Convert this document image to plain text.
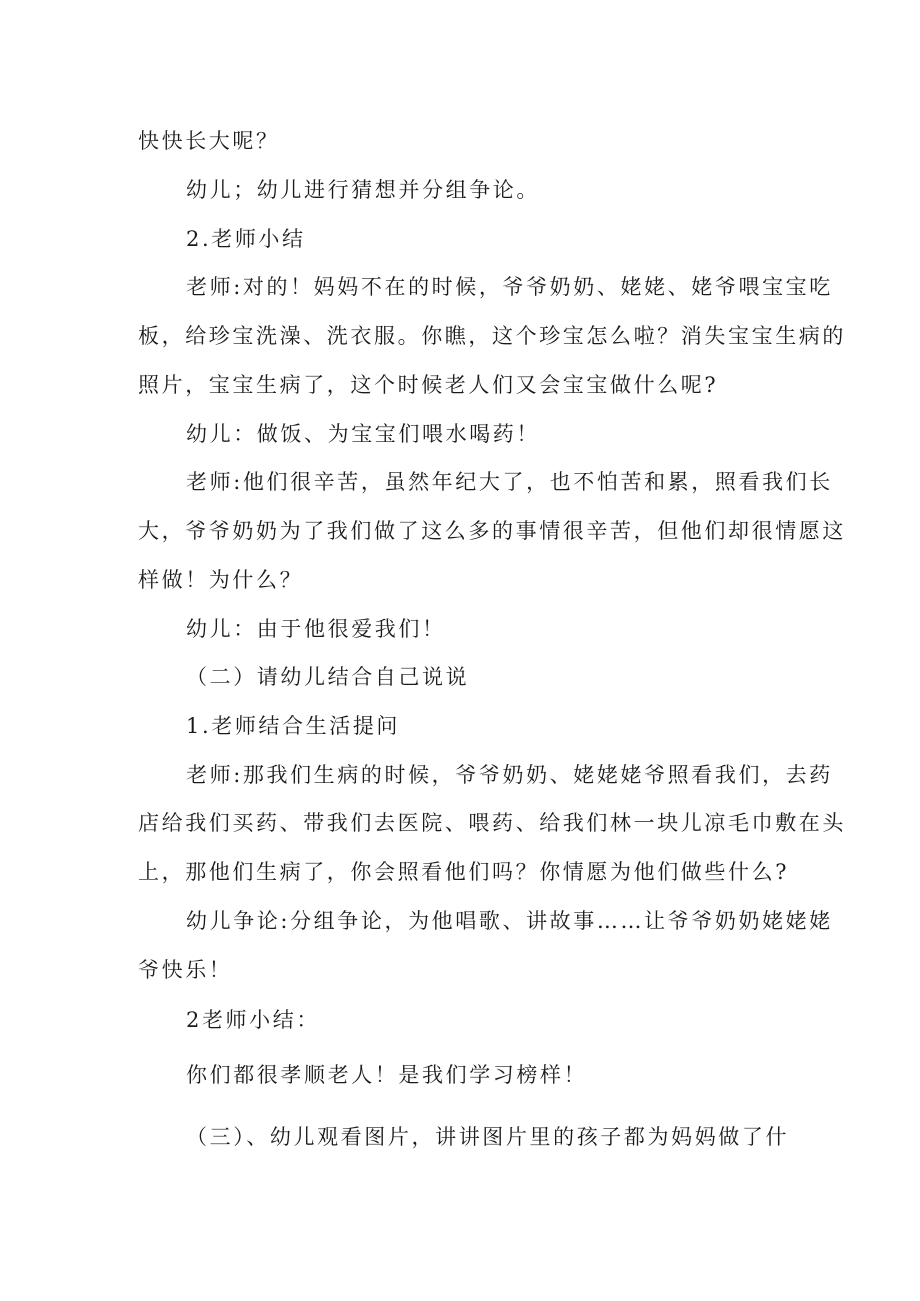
快快长大呢？
幼儿；幼儿进行猜想并分组争论。
2.老师小结
老师:对的！妈妈不在的时候，爷爷奶奶、姥姥、姥爷喂宝宝吃
板，给珍宝洗澡、洗衣服。你瞧，这个珍宝怎么啦？消失宝宝生病的
照片，宝宝生病了，这个时候老人们又会宝宝做什么呢?
幼儿：做饭、为宝宝们喂水喝药！
老师:他们很辛苦，虽然年纪大了，也不怕苦和累，照看我们长
大，爷爷奶奶为了我们做了这么多的事情很辛苦，但他们却很情愿这
样做！为什么？
幼儿：由于他很爱我们！
（二）请幼儿结合自己说说
1.老师结合生活提问
老师:那我们生病的时候，爷爷奶奶、姥姥姥爷照看我们，去药
店给我们买药、带我们去医院、喂药、给我们林一块儿凉毛巾敷在头
上，那他们生病了，你会照看他们吗？你情愿为他们做些什么?
幼儿争论:分组争论，为他唱歌、讲故事……让爷爷奶奶姥姥姥
爷快乐！
2老师小结：
你们都很孝顺老人！是我们学习榜样！
（三）、幼儿观看图片，讲讲图片里的孩子都为妈妈做了什
